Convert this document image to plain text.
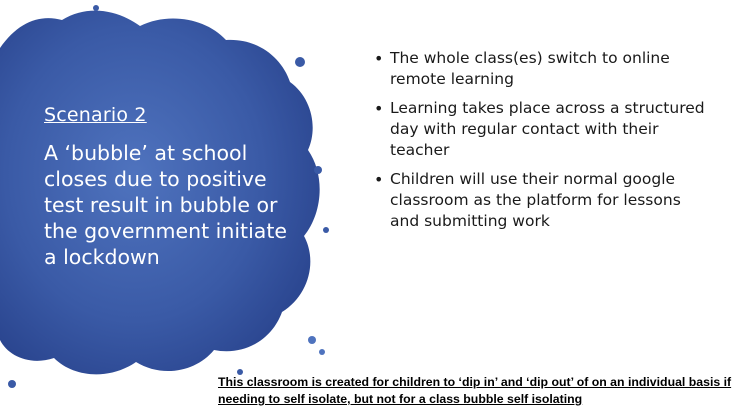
Scenario 2
A ‘bubble’ at school closes due to positive test result in bubble or the government initiate a lockdown
• The whole class(es) switch to online remote learning
• Learning takes place across a structured day with regular contact with their teacher
• Children will use their normal google classroom as the platform for lessons and submitting work
This classroom is created for children to ‘dip in’ and ‘dip out’ of on an individual basis if needing to self isolate, but not for a class bubble self isolating
